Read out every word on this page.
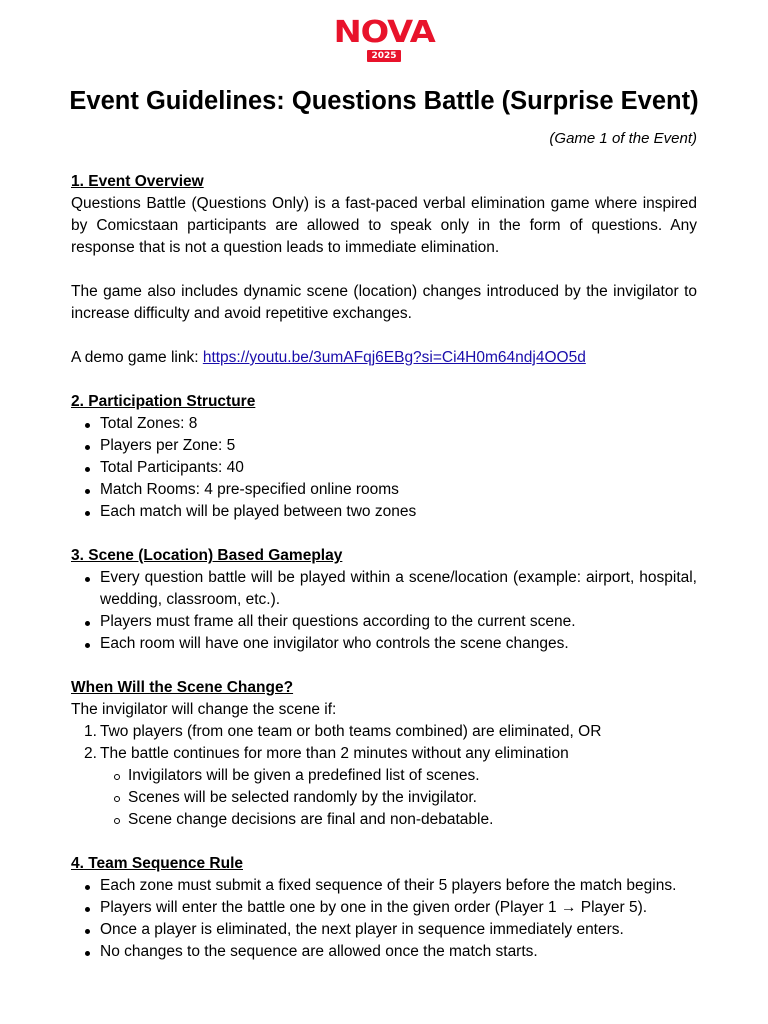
NOVA
2025
Event Guidelines: Questions Battle (Surprise Event)
(Game 1 of the Event)

1. Event Overview

Questions Battle (Questions Only) is a fast-paced verbal elimination game where inspired by Comicstaan participants are allowed to speak only in the form of questions. Any response that is not a question leads to immediate elimination.

The game also includes dynamic scene (location) changes introduced by the invigilator to increase difficulty and avoid repetitive exchanges.

A demo game link: https://youtu.be/3umAFqj6EBg?si=Ci4H0m64ndj4OO5d

2. Participation Structure

Total Zones: 8
Players per Zone: 5
Total Participants: 40
Match Rooms: 4 pre-specified online rooms
Each match will be played between two zones

3. Scene (Location) Based Gameplay

Every question battle will be played within a scene/location (example: airport, hospital, wedding, classroom, etc.).
Players must frame all their questions according to the current scene.
Each room will have one invigilator who controls the scene changes.

When Will the Scene Change?

The invigilator will change the scene if:

1. Two players (from one team or both teams combined) are eliminated, OR
2. The battle continues for more than 2 minutes without any elimination
Invigilators will be given a predefined list of scenes.
Scenes will be selected randomly by the invigilator.
Scene change decisions are final and non-debatable.

4. Team Sequence Rule

Each zone must submit a fixed sequence of their 5 players before the match begins.
Players will enter the battle one by one in the given order (Player 1 → Player 5).
Once a player is eliminated, the next player in sequence immediately enters.
No changes to the sequence are allowed once the match starts.
